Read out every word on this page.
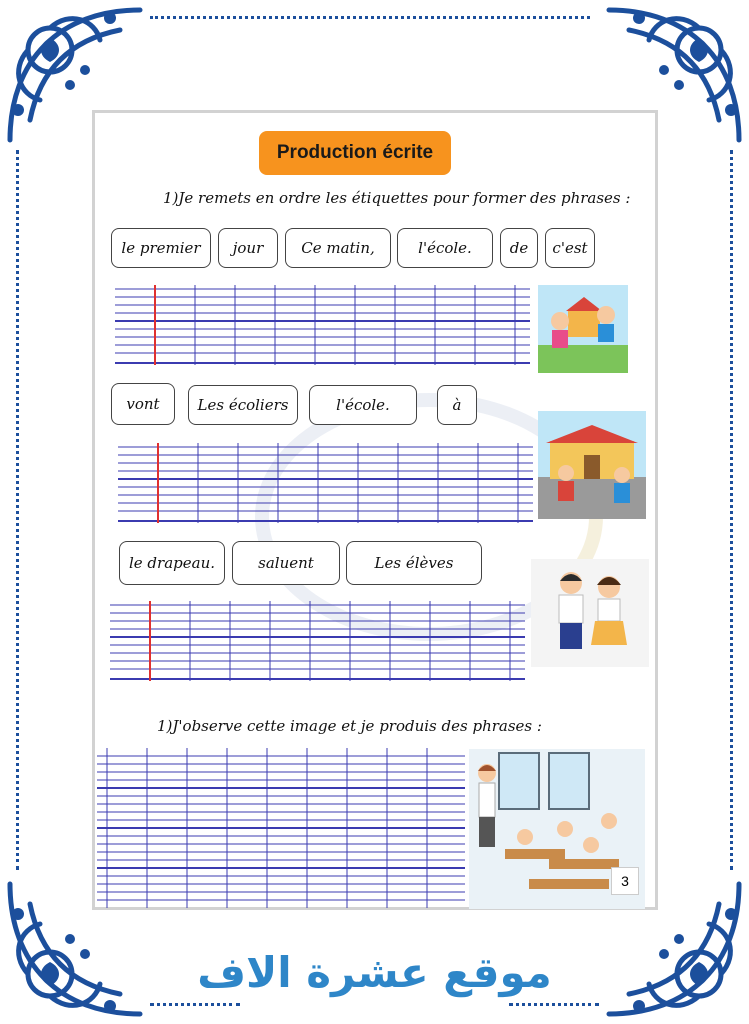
Production écrite
1)Je remets en ordre les étiquettes pour former des phrases :
le premier	jour	Ce matin,	l'école.	de	c'est
vont	Les écoliers	l'école.	à
le drapeau.	saluent	Les élèves
1)J'observe cette image et je produis des phrases :
3
موقع عشرة الاف
